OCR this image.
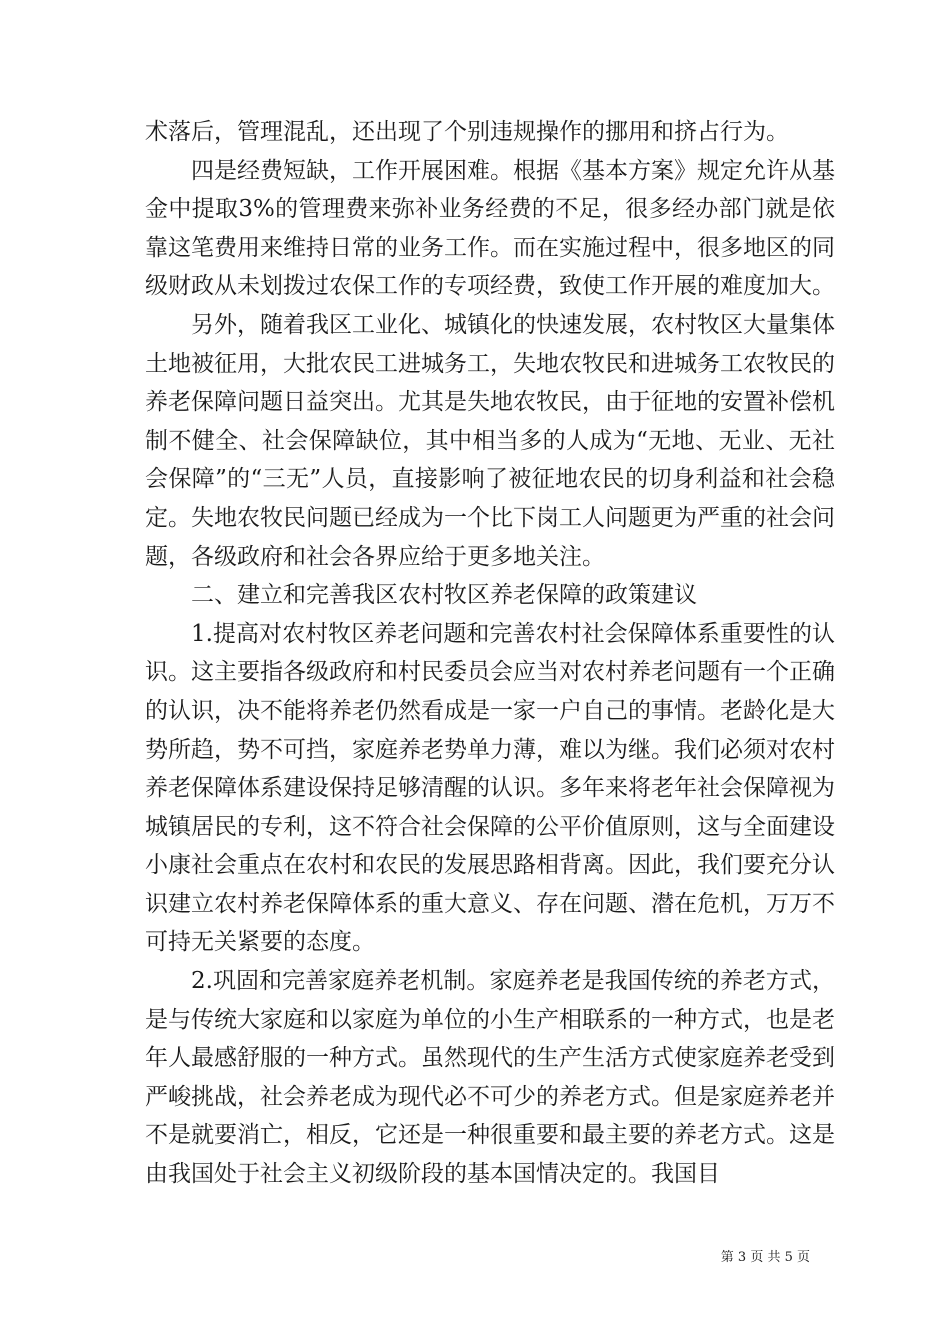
术落后，管理混乱，还出现了个别违规操作的挪用和挤占行为。

四是经费短缺，工作开展困难。根据《基本方案》规定允许从基金中提取3%的管理费来弥补业务经费的不足，很多经办部门就是依靠这笔费用来维持日常的业务工作。而在实施过程中，很多地区的同级财政从未划拨过农保工作的专项经费，致使工作开展的难度加大。

另外，随着我区工业化、城镇化的快速发展，农村牧区大量集体土地被征用，大批农民工进城务工，失地农牧民和进城务工农牧民的养老保障问题日益突出。尤其是失地农牧民，由于征地的安置补偿机制不健全、社会保障缺位，其中相当多的人成为“无地、无业、无社会保障”的“三无”人员，直接影响了被征地农民的切身利益和社会稳定。失地农牧民问题已经成为一个比下岗工人问题更为严重的社会问题，各级政府和社会各界应给于更多地关注。

二、建立和完善我区农村牧区养老保障的政策建议

1.提高对农村牧区养老问题和完善农村社会保障体系重要性的认识。这主要指各级政府和村民委员会应当对农村养老问题有一个正确的认识，决不能将养老仍然看成是一家一户自己的事情。老龄化是大势所趋，势不可挡，家庭养老势单力薄，难以为继。我们必须对农村养老保障体系建设保持足够清醒的认识。多年来将老年社会保障视为城镇居民的专利，这不符合社会保障的公平价值原则，这与全面建设小康社会重点在农村和农民的发展思路相背离。因此，我们要充分认识建立农村养老保障体系的重大意义、存在问题、潜在危机，万万不可持无关紧要的态度。

2.巩固和完善家庭养老机制。家庭养老是我国传统的养老方式，是与传统大家庭和以家庭为单位的小生产相联系的一种方式，也是老年人最感舒服的一种方式。虽然现代的生产生活方式使家庭养老受到严峻挑战，社会养老成为现代必不可少的养老方式。但是家庭养老并不是就要消亡，相反，它还是一种很重要和最主要的养老方式。这是由我国处于社会主义初级阶段的基本国情决定的。我国目

第 3 页 共 5 页
